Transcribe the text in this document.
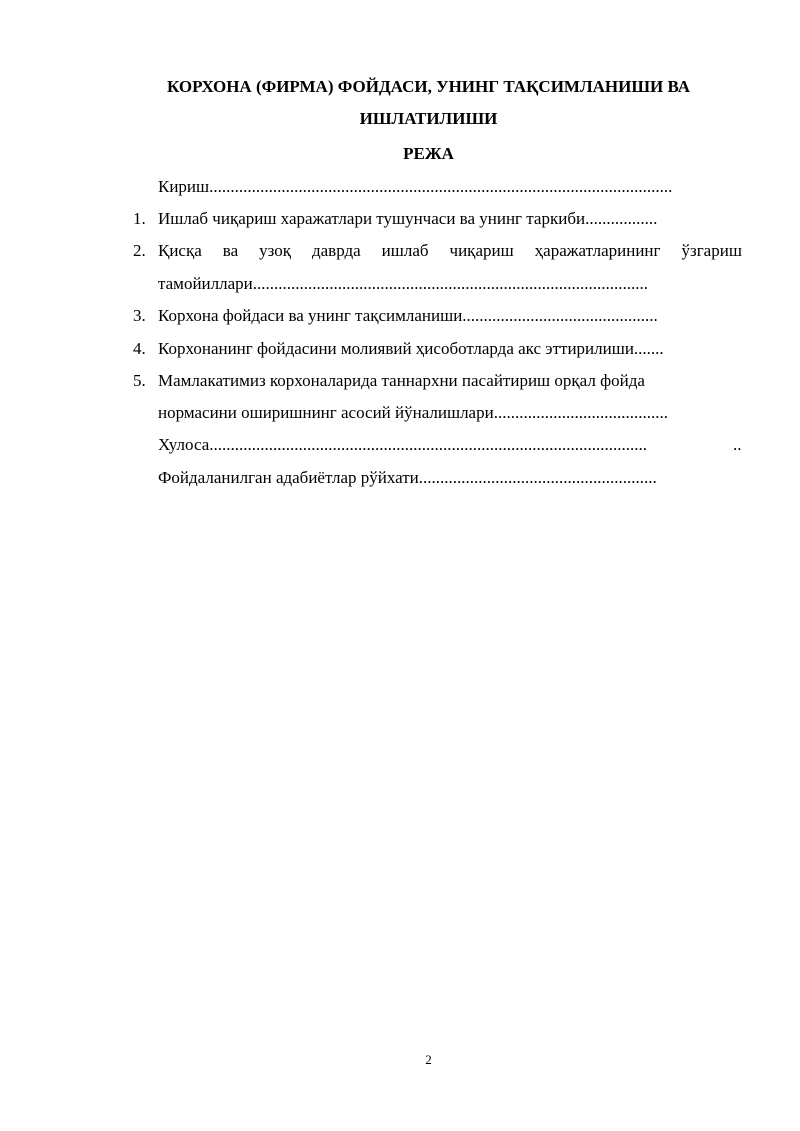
КОРХОНА (ФИРМА) ФОЙДАСИ, УНИНГ ТАҚСИМЛАНИШИ ВА
ИШЛАТИЛИШИ
РЕЖА
Кириш.............................................................................................................
1. Ишлаб чиқариш харажатлари тушунчаси ва унинг таркиби.................
2. Қисқа ва узоқ даврда ишлаб чиқариш ҳаражатларининг ўзгариш
тамойиллари.............................................................................................
3. Корхона фойдаси ва унинг тақсимланиши..............................................
4. Корхонанинг фойдасини молиявий ҳисоботларда акс эттирилиши.......
5. Мамлакатимиз корхоналарида таннархни пасайтириш орқал фойда
нормасини оширишнинг асосий йўналишлари.........................................
Хулоса.......................................................................................................	..
Фойдаланилган адабиётлар рўйхати........................................................
2
